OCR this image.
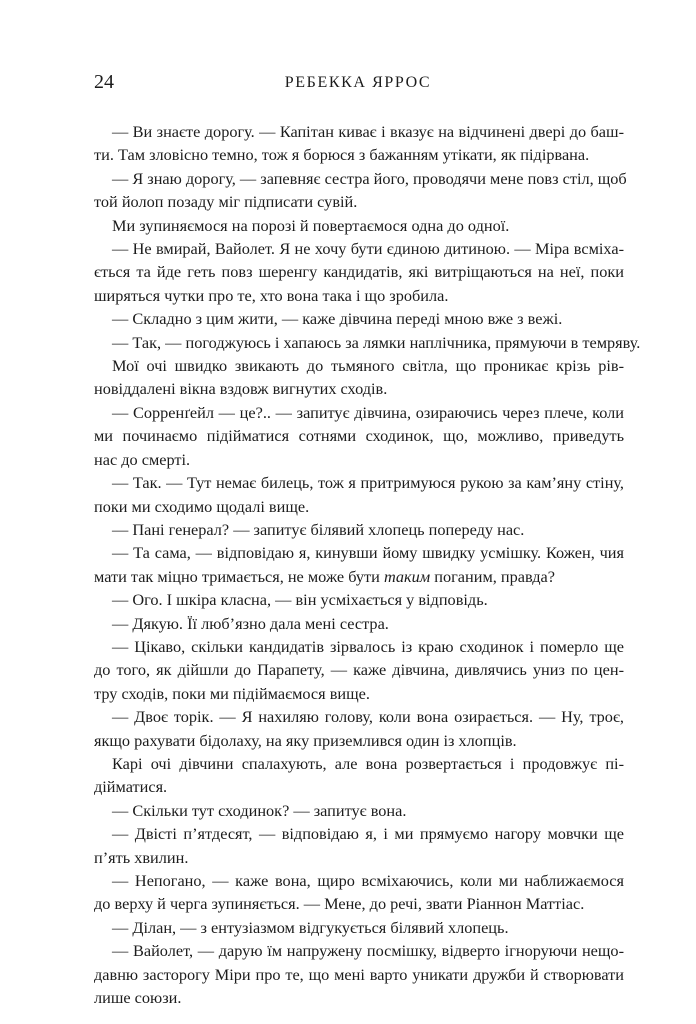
24	РЕБЕККА ЯРРОС
— Ви знаєте дорогу. — Капітан киває і вказує на відчинені двері до баш-
ти. Там зловісно темно, тож я борюся з бажанням утікати, як підірвана.
— Я знаю дорогу, — запевняє сестра його, проводячи мене повз стіл, щоб
той йолоп позаду міг підписати сувій.
Ми зупиняємося на порозі й повертаємося одна до одної.
— Не вмирай, Вайолет. Я не хочу бути єдиною дитиною. — Міра всміха-
ється та йде геть повз шеренгу кандидатів, які витріщаються на неї, поки
ширяться чутки про те, хто вона така і що зробила.
— Складно з цим жити, — каже дівчина переді мною вже з вежі.
— Так, — погоджуюсь і хапаюсь за лямки наплічника, прямуючи в темряву.
Мої очі швидко звикають до тьмяного світла, що проникає крізь рів-
новіддалені вікна вздовж вигнутих сходів.
— Сорренґейл — це?.. — запитує дівчина, озираючись через плече, коли
ми починаємо підійматися сотнями сходинок, що, можливо, приведуть
нас до смерті.
— Так. — Тут немає билець, тож я притримуюся рукою за кам’яну стіну,
поки ми сходимо щодалі вище.
— Пані генерал? — запитує білявий хлопець попереду нас.
— Та сама, — відповідаю я, кинувши йому швидку усмішку. Кожен, чия
мати так міцно тримається, не може бути таким поганим, правда?
— Ого. І шкіра класна, — він усміхається у відповідь.
— Дякую. Її люб’язно дала мені сестра.
— Цікаво, скільки кандидатів зірвалось із краю сходинок і померло ще
до того, як дійшли до Парапету, — каже дівчина, дивлячись униз по цен-
тру сходів, поки ми підіймаємося вище.
— Двоє торік. — Я нахиляю голову, коли вона озирається. — Ну, троє,
якщо рахувати бідолаху, на яку приземлився один із хлопців.
Карі очі дівчини спалахують, але вона розвертається і продовжує пі-
дійматися.
— Скільки тут сходинок? — запитує вона.
— Двісті п’ятдесят, — відповідаю я, і ми прямуємо нагору мовчки ще
п’ять хвилин.
— Непогано, — каже вона, щиро всміхаючись, коли ми наближаємося
до верху й черга зупиняється. — Мене, до речі, звати Ріаннон Маттіас.
— Ділан, — з ентузіазмом відгукується білявий хлопець.
— Вайолет, — дарую їм напружену посмішку, відверто ігноруючи нещо-
давню засторогу Міри про те, що мені варто уникати дружби й створювати
лише союзи.
